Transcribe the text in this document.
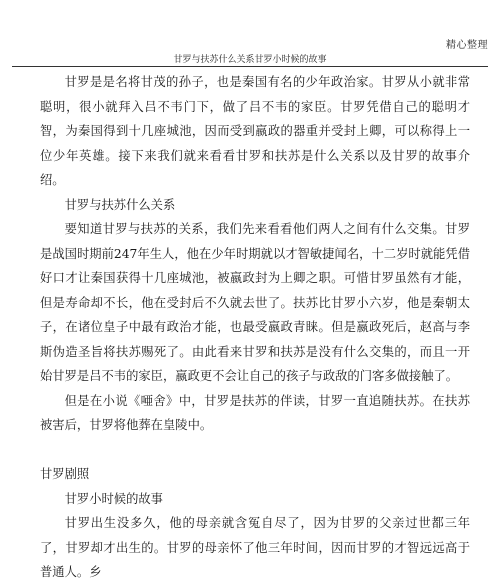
精心整理
甘罗与扶苏什么关系甘罗小时候的故事

甘罗是是名将甘茂的孙子，也是秦国有名的少年政治家。甘罗从小就非常聪明，很小就拜入吕不韦门下，做了吕不韦的家臣。甘罗凭借自己的聪明才智，为秦国得到十几座城池，因而受到嬴政的器重并受封上卿，可以称得上一位少年英雄。接下来我们就来看看甘罗和扶苏是什么关系以及甘罗的故事介绍。

甘罗与扶苏什么关系

要知道甘罗与扶苏的关系，我们先来看看他们两人之间有什么交集。甘罗是战国时期前247年生人，他在少年时期就以才智敏捷闻名，十二岁时就能凭借好口才让秦国获得十几座城池，被嬴政封为上卿之职。可惜甘罗虽然有才能，但是寿命却不长，他在受封后不久就去世了。扶苏比甘罗小六岁，他是秦朝太子，在诸位皇子中最有政治才能，也最受嬴政青睐。但是嬴政死后，赵高与李斯伪造圣旨将扶苏赐死了。由此看来甘罗和扶苏是没有什么交集的，而且一开始甘罗是吕不韦的家臣，嬴政更不会让自己的孩子与政敌的门客多做接触了。

但是在小说《唖舍》中，甘罗是扶苏的伴读，甘罗一直追随扶苏。在扶苏被害后，甘罗将他葬在皇陵中。

甘罗剧照

甘罗小时候的故事

甘罗出生没多久，他的母亲就含冤自尽了，因为甘罗的父亲过世都三年了，甘罗却才出生的。甘罗的母亲怀了他三年时间，因而甘罗的才智远远高于普通人。乡
